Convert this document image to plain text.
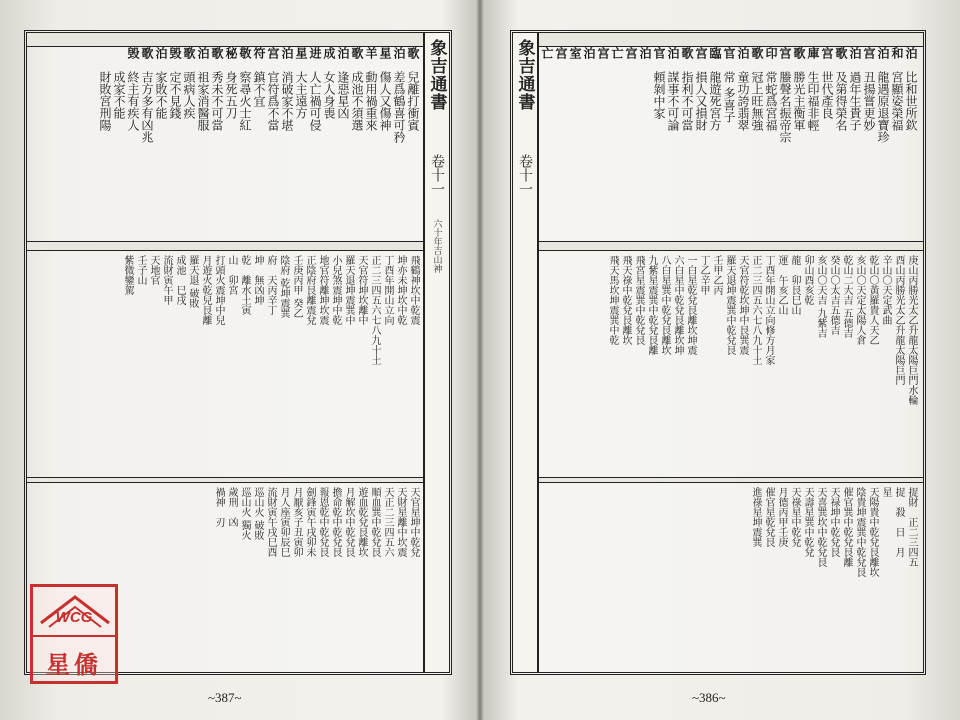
象吉通書
卷十一
六十年吉山神
歌
泊
星
羊
歌
泊
成
进
星
泊
宫
符
敬
秘
歌
泊
歌
毁
泊
歌
毁
兒離打衝賓
差爲鶴喜可矜
傷人又傷神
動用禍重來
成池不須選
逢惡星凶
女人身喪
人亡禍可侵
大主遠方
消破家不堪
官符爲不當
鎮不宜
察尋火士紅
身死五刀
秀未不可當
祖家消醫服
頭病人疾
定不見錢
家敗不能
吉方多有凶兆
終主有疾人
成家不能
財敗宮刑陽
飛鶴神坎中乾震
坤亦未坤坎中乾
丁酉年開山立向
正二三四五六七八九十土
天官符坤坎離中
羅天退坤震巽中
小兒煞震坤中乾
地官符離坤坎震
正陰府艮離震兌
壬庚丙甲 癸乙
陰府 乾坤震巽
府　天丙辛丁
坤　無凶坤
乾　離水土寅
山　卯宮
打頭火震坤中兒
月遊火乾兒艮離
羅天退 破敗
成池　巳戌
流財寅午甲
天地官
壬子山
紫微鑾駕
天官星坤中乾兌
天財星離中坎震
天正二三四五六
順血巽中乾兌艮
遊血乾兌艮離坎
月解坎中乾兌艮
擔命乾中乾兌艮
報恩乾中乾兌艮
劍鋒寅午戌卯未
月厭亥子丑寅卯
月人座寅卯辰巳
流財寅午戌巳酉
巡山火 破敗
巡山火 獨火
歲刑　凶
禍神　刃
~387~
象吉通書
卷十一
泊
和
泊
宫
泊
歌
宫
庫
歌
宫
印
歌
泊
官
臨
宫
歌
泊
官
泊
宫
亡
宫
泊
室
宫
亡
比和世所欽
宮顯姿榮福
龍遇原退寶珍
丑揚嘗更妙
過年生貴子
及第得榮名
世代產良
生印福非輕
勝光主衡軍
螣聲名振帝宗
常蛇爲宮福
冠上旺無強
童功誇翡翠
常 多喜子
龍遊死宮方
損人又損財
指利不可當
謀事不可論
頼剝中家
庚山丙勝光太乙升龍太陽巨門水輪
酉山丙勝光太乙升龍太陽巨門
辛山〇天定武曲
乾山〇黃羅貴人天乙
亥山〇天定太陽人倉
乾山二大吉 五德吉
癸山〇太吉五德吉
亥山〇天吉 九紫吉
卯山酉亥乾
龍　卯艮巳山
運　午亥乙山
丁酉年開山立向修方月家
正二三四五六七八九十土
天官符乾坎坤中艮巽震
羅天退坤震巽中乾兌艮
壬甲乙丙
丁乙辛甲
一白星乾兌艮離坎坤震
六白星中乾兌艮離坎坤
八白星巽中乾兌艮離坎
九紫星震巽中乾兌艮離
飛宮星震巽中乾兌艮
飛天祿中乾兌艮離坎
飛天馬坎坤震巽中乾
捉財　正二三四五
捉　殺　日　月
星
天陽貴中乾兌艮離坎
陰貴坤震巽中乾兌艮
催官巽中乾兌艮離
天禄坤中乾兌艮
天喜巽坎中乾兌艮
天壽星巽中乾兌
天祿星中乾兌
月德丙甲壬庚
催官星乾兌艮
進祿星坤震巽
~386~
WCG
星僑
